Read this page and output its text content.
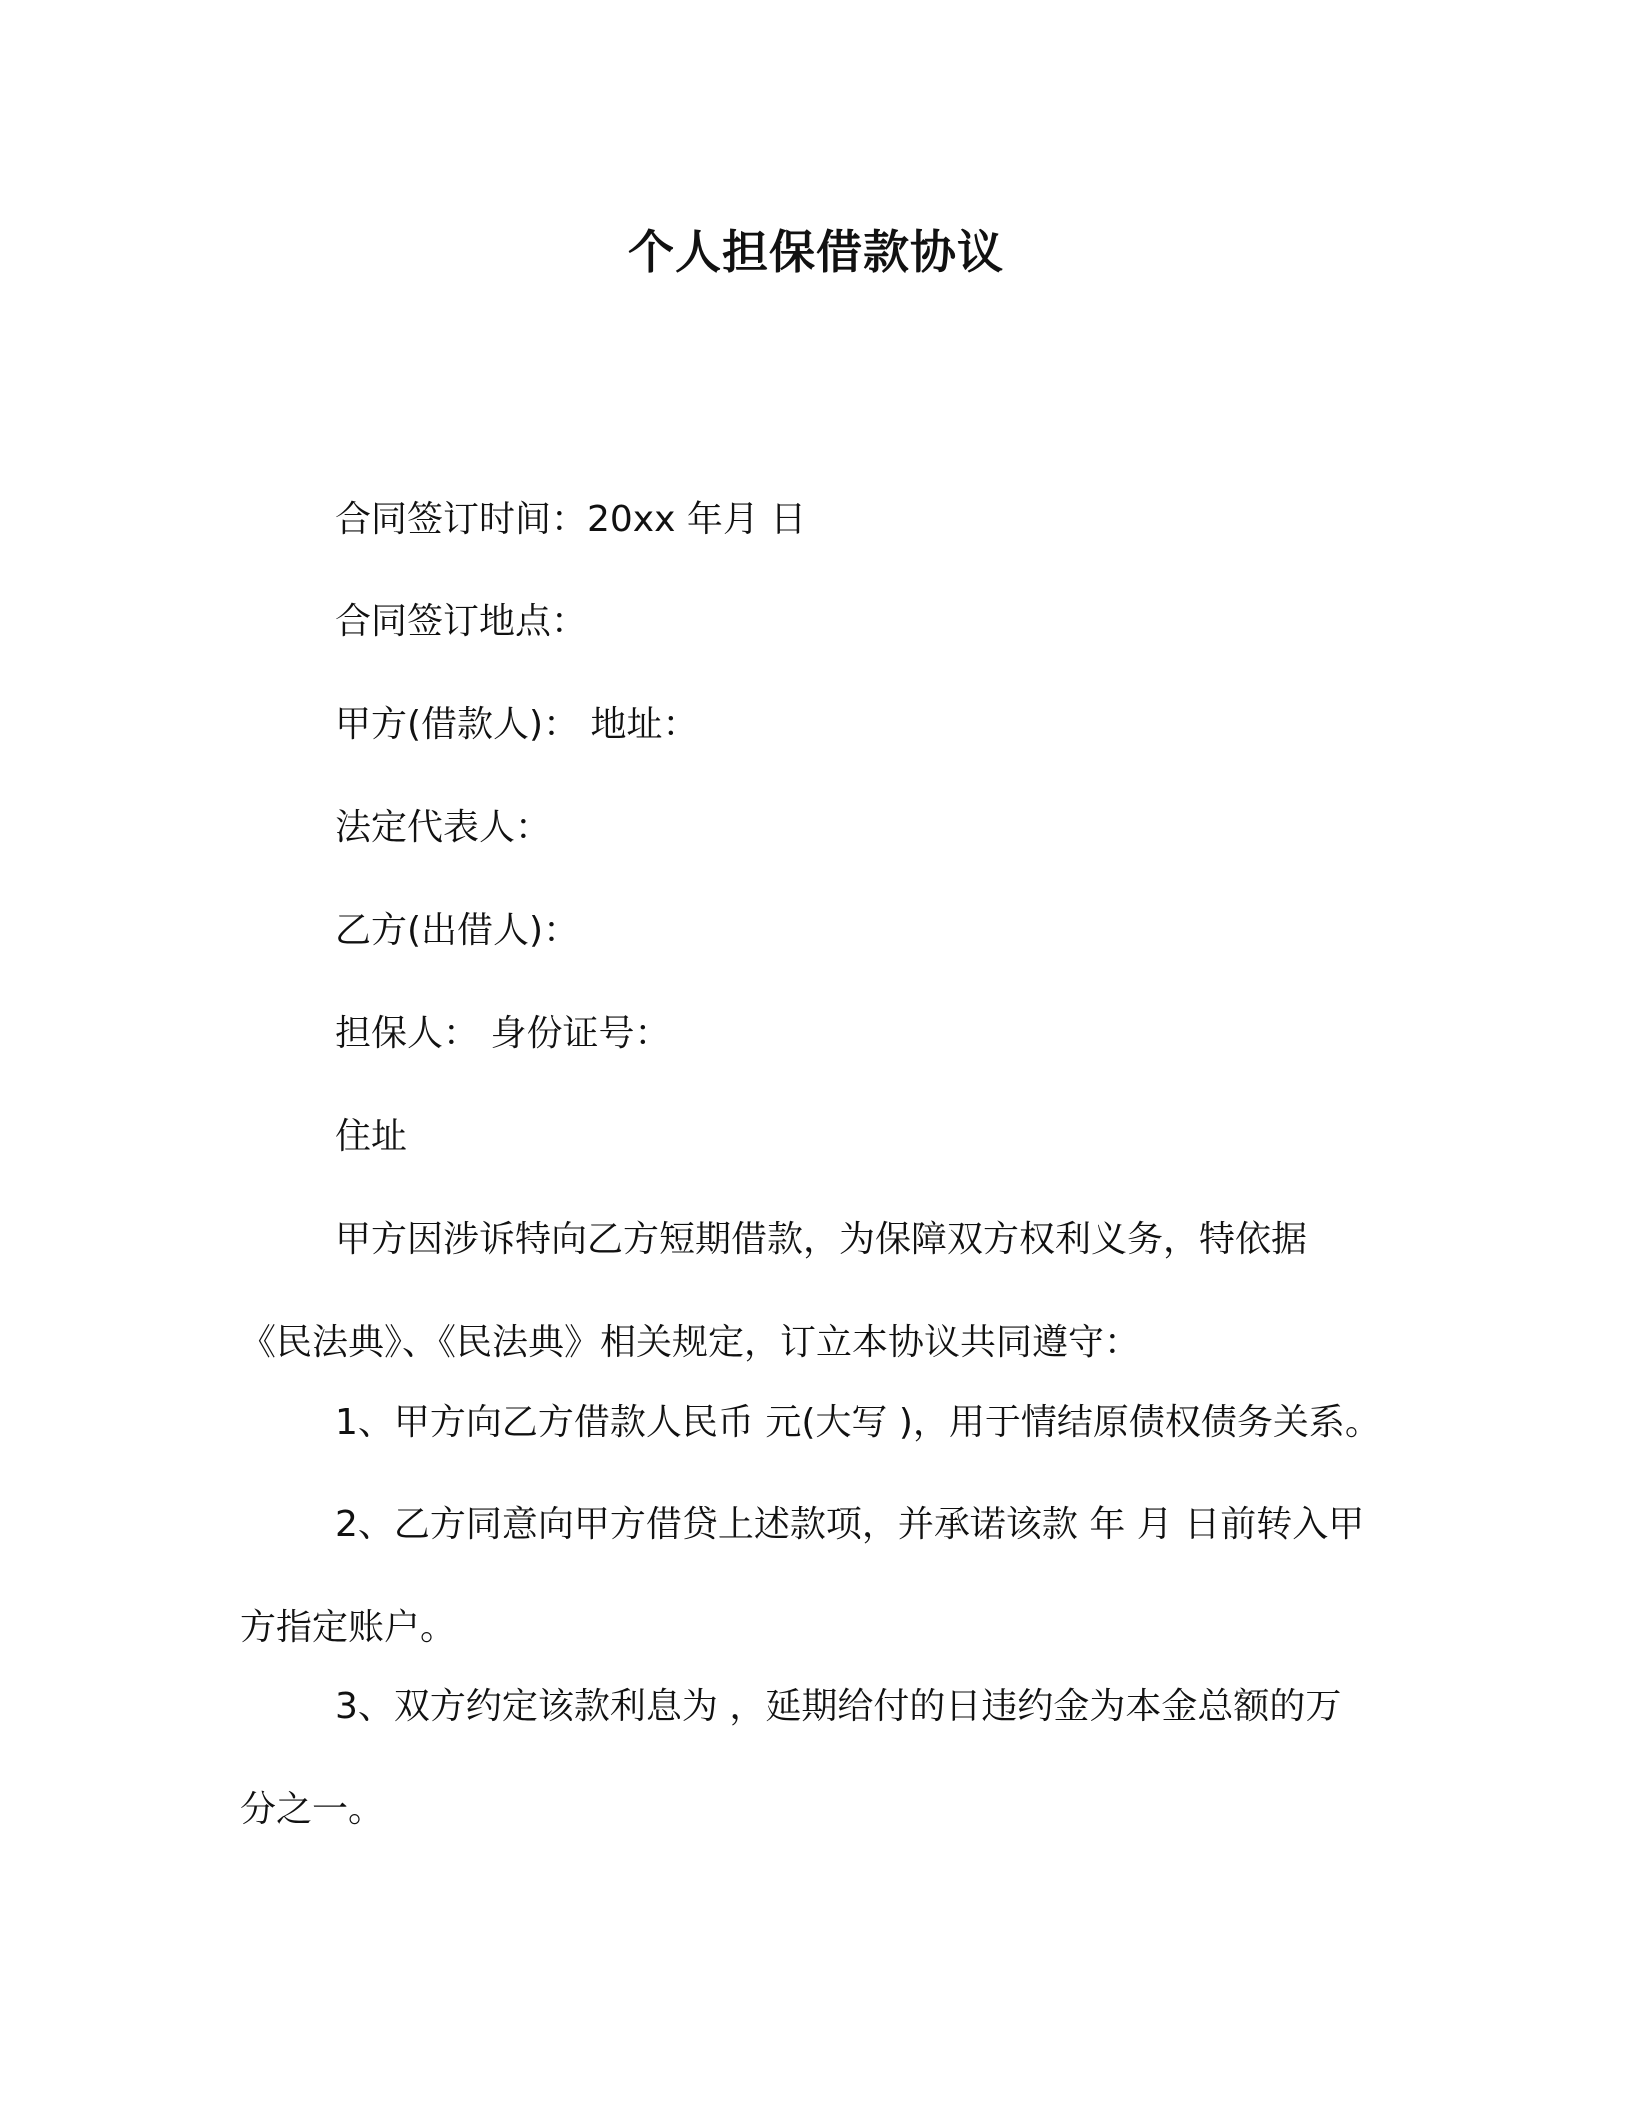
个人担保借款协议
合同签订时间：20xx 年月 日
合同签订地点：
甲方(借款人)： 地址：
法定代表人：
乙方(出借人)：
担保人： 身份证号：
住址
甲方因涉诉特向乙方短期借款，为保障双方权利义务，特依据
《民法典》、《民法典》相关规定，订立本协议共同遵守：
1、甲方向乙方借款人民币 元(大写 )，用于情结原债权债务关系。
2、乙方同意向甲方借贷上述款项，并承诺该款 年 月 日前转入甲
方指定账户。
3、双方约定该款利息为 ，延期给付的日违约金为本金总额的万
分之一。
